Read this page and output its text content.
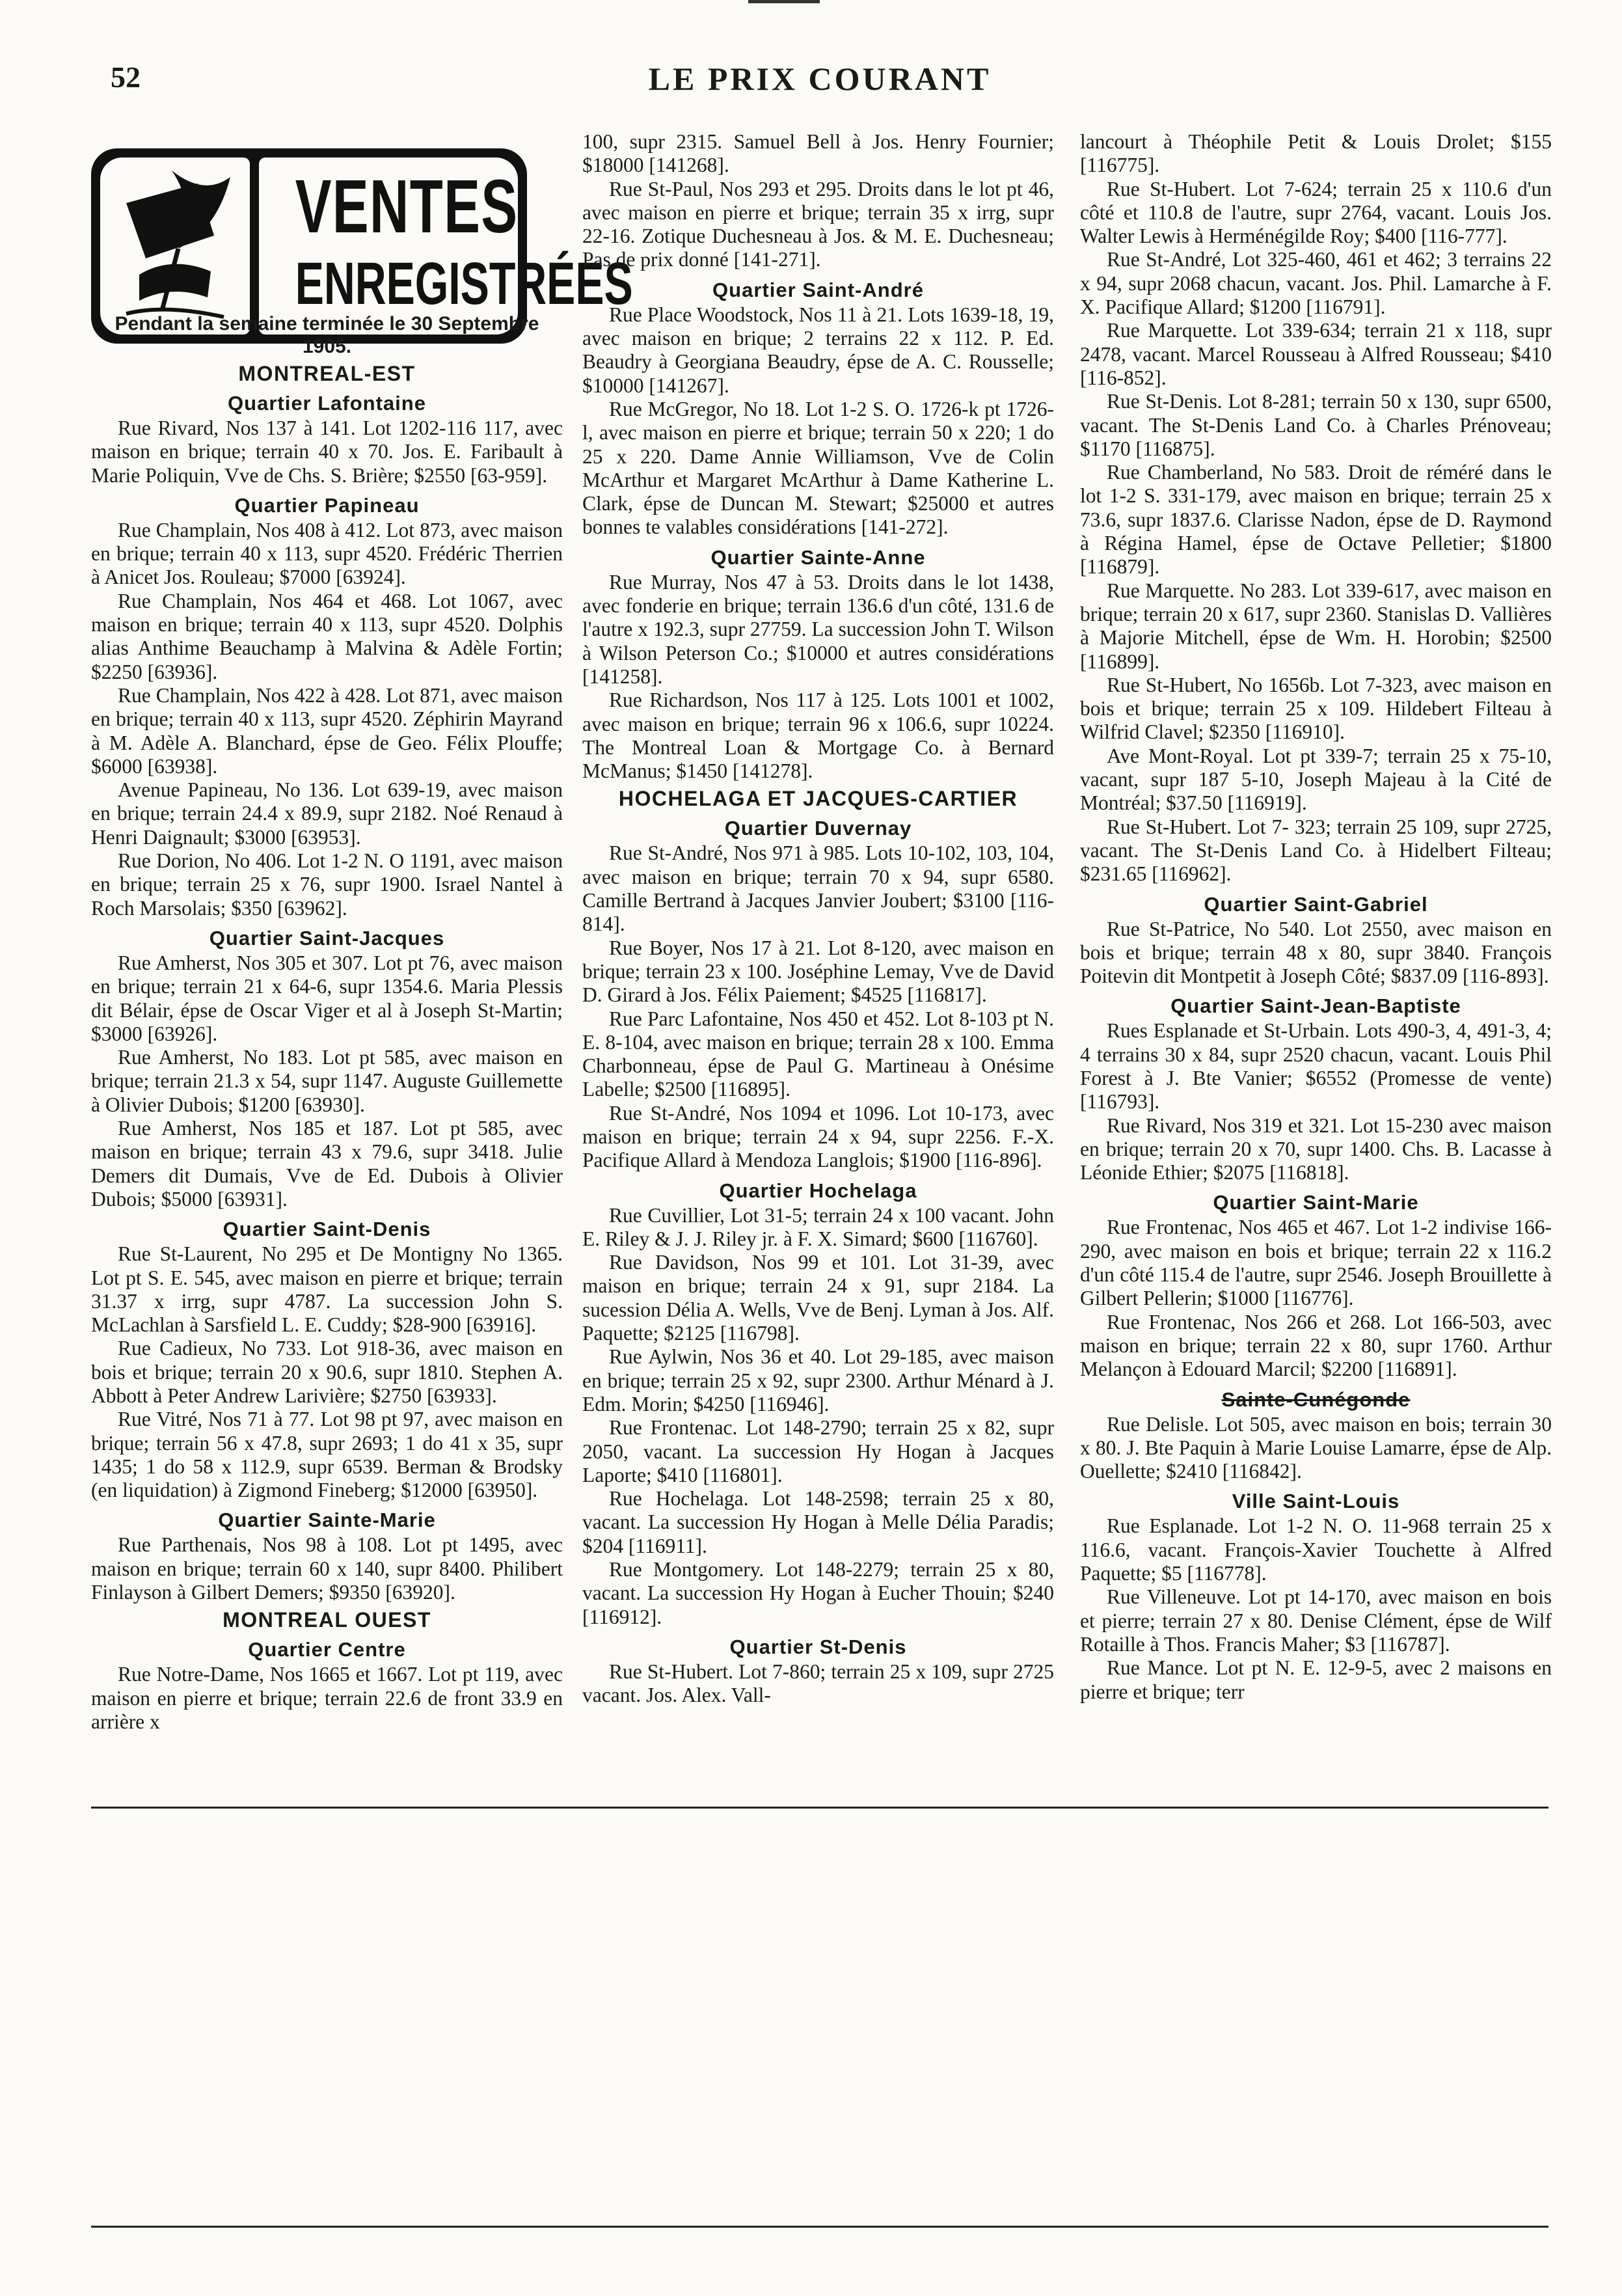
52	LE PRIX COURANT
VENTES
ENREGISTRÉES
Pendant la semaine terminée le 30 Septembre 1905.
MONTREAL-EST
Quartier Lafontaine

Rue Rivard, Nos 137 à 141. Lot 1202-116 117, avec maison en brique; terrain 40 x 70. Jos. E. Faribault à Marie Poliquin, Vve de Chs. S. Brière; $2550 [63-959].

Quartier Papineau

Rue Champlain, Nos 408 à 412. Lot 873, avec maison en brique; terrain 40 x 113, supr 4520. Frédéric Therrien à Anicet Jos. Rouleau; $7000 [63924].

Rue Champlain, Nos 464 et 468. Lot 1067, avec maison en brique; terrain 40 x 113, supr 4520. Dolphis alias Anthime Beauchamp à Malvina & Adèle Fortin; $2250 [63936].

Rue Champlain, Nos 422 à 428. Lot 871, avec maison en brique; terrain 40 x 113, supr 4520. Zéphirin Mayrand à M. Adèle A. Blanchard, épse de Geo. Félix Plouffe; $6000 [63938].

Avenue Papineau, No 136. Lot 639-19, avec maison en brique; terrain 24.4 x 89.9, supr 2182. Noé Renaud à Henri Daignault; $3000 [63953].

Rue Dorion, No 406. Lot 1-2 N. O 1191, avec maison en brique; terrain 25 x 76, supr 1900. Israel Nantel à Roch Marsolais; $350 [63962].

Quartier Saint-Jacques

Rue Amherst, Nos 305 et 307. Lot pt 76, avec maison en brique; terrain 21 x 64-6, supr 1354.6. Maria Plessis dit Bélair, épse de Oscar Viger et al à Joseph St-Martin; $3000 [63926].

Rue Amherst, No 183. Lot pt 585, avec maison en brique; terrain 21.3 x 54, supr 1147. Auguste Guillemette à Olivier Dubois; $1200 [63930].

Rue Amherst, Nos 185 et 187. Lot pt 585, avec maison en brique; terrain 43 x 79.6, supr 3418. Julie Demers dit Dumais, Vve de Ed. Dubois à Olivier Dubois; $5000 [63931].

Quartier Saint-Denis

Rue St-Laurent, No 295 et De Montigny No 1365. Lot pt S. E. 545, avec maison en pierre et brique; terrain 31.37 x irrg, supr 4787. La succession John S. McLachlan à Sarsfield L. E. Cuddy; $28-900 [63916].

Rue Cadieux, No 733. Lot 918-36, avec maison en bois et brique; terrain 20 x 90.6, supr 1810. Stephen A. Abbott à Peter Andrew Larivière; $2750 [63933].

Rue Vitré, Nos 71 à 77. Lot 98 pt 97, avec maison en brique; terrain 56 x 47.8, supr 2693; 1 do 41 x 35, supr 1435; 1 do 58 x 112.9, supr 6539. Berman & Brodsky (en liquidation) à Zigmond Fineberg; $12000 [63950].

Quartier Sainte-Marie

Rue Parthenais, Nos 98 à 108. Lot pt 1495, avec maison en brique; terrain 60 x 140, supr 8400. Philibert Finlayson à Gilbert Demers; $9350 [63920].

MONTREAL OUEST
Quartier Centre

Rue Notre-Dame, Nos 1665 et 1667. Lot pt 119, avec maison en pierre et brique; terrain 22.6 de front 33.9 en arrière x

100, supr 2315. Samuel Bell à Jos. Henry Fournier; $18000 [141268].

Rue St-Paul, Nos 293 et 295. Droits dans le lot pt 46, avec maison en pierre et brique; terrain 35 x irrg, supr 22-16. Zotique Duchesneau à Jos. & M. E. Duchesneau; Pas de prix donné [141-271].

Quartier Saint-André

Rue Place Woodstock, Nos 11 à 21. Lots 1639-18, 19, avec maison en brique; 2 terrains 22 x 112. P. Ed. Beaudry à Georgiana Beaudry, épse de A. C. Rousselle; $10000 [141267].

Rue McGregor, No 18. Lot 1-2 S. O. 1726-k pt 1726-l, avec maison en pierre et brique; terrain 50 x 220; 1 do 25 x 220. Dame Annie Williamson, Vve de Colin McArthur et Margaret McArthur à Dame Katherine L. Clark, épse de Duncan M. Stewart; $25000 et autres bonnes te valables considérations [141-272].

Quartier Sainte-Anne

Rue Murray, Nos 47 à 53. Droits dans le lot 1438, avec fonderie en brique; terrain 136.6 d'un côté, 131.6 de l'autre x 192.3, supr 27759. La succession John T. Wilson à Wilson Peterson Co.; $10000 et autres considérations [141258].

Rue Richardson, Nos 117 à 125. Lots 1001 et 1002, avec maison en brique; terrain 96 x 106.6, supr 10224. The Montreal Loan & Mortgage Co. à Bernard McManus; $1450 [141278].

HOCHELAGA ET JACQUES-CARTIER
Quartier Duvernay

Rue St-André, Nos 971 à 985. Lots 10-102, 103, 104, avec maison en brique; terrain 70 x 94, supr 6580. Camille Bertrand à Jacques Janvier Joubert; $3100 [116-814].

Rue Boyer, Nos 17 à 21. Lot 8-120, avec maison en brique; terrain 23 x 100. Joséphine Lemay, Vve de David D. Girard à Jos. Félix Paiement; $4525 [116817].

Rue Parc Lafontaine, Nos 450 et 452. Lot 8-103 pt N. E. 8-104, avec maison en brique; terrain 28 x 100. Emma Charbonneau, épse de Paul G. Martineau à Onésime Labelle; $2500 [116895].

Rue St-André, Nos 1094 et 1096. Lot 10-173, avec maison en brique; terrain 24 x 94, supr 2256. F.-X. Pacifique Allard à Mendoza Langlois; $1900 [116-896].

Quartier Hochelaga

Rue Cuvillier, Lot 31-5; terrain 24 x 100 vacant. John E. Riley & J. J. Riley jr. à F. X. Simard; $600 [116760].

Rue Davidson, Nos 99 et 101. Lot 31-39, avec maison en brique; terrain 24 x 91, supr 2184. La sucession Délia A. Wells, Vve de Benj. Lyman à Jos. Alf. Paquette; $2125 [116798].

Rue Aylwin, Nos 36 et 40. Lot 29-185, avec maison en brique; terrain 25 x 92, supr 2300. Arthur Ménard à J. Edm. Morin; $4250 [116946].

Rue Frontenac. Lot 148-2790; terrain 25 x 82, supr 2050, vacant. La succession Hy Hogan à Jacques Laporte; $410 [116801].

Rue Hochelaga. Lot 148-2598; terrain 25 x 80, vacant. La succession Hy Hogan à Melle Délia Paradis; $204 [116911].

Rue Montgomery. Lot 148-2279; terrain 25 x 80, vacant. La succession Hy Hogan à Eucher Thouin; $240 [116912].

Quartier St-Denis

Rue St-Hubert. Lot 7-860; terrain 25 x 109, supr 2725 vacant. Jos. Alex. Vall-

lancourt à Théophile Petit & Louis Drolet; $155 [116775].

Rue St-Hubert. Lot 7-624; terrain 25 x 110.6 d'un côté et 110.8 de l'autre, supr 2764, vacant. Louis Jos. Walter Lewis à Herménégilde Roy; $400 [116-777].

Rue St-André, Lot 325-460, 461 et 462; 3 terrains 22 x 94, supr 2068 chacun, vacant. Jos. Phil. Lamarche à F. X. Pacifique Allard; $1200 [116791].

Rue Marquette. Lot 339-634; terrain 21 x 118, supr 2478, vacant. Marcel Rousseau à Alfred Rousseau; $410 [116-852].

Rue St-Denis. Lot 8-281; terrain 50 x 130, supr 6500, vacant. The St-Denis Land Co. à Charles Prénoveau; $1170 [116875].

Rue Chamberland, No 583. Droit de réméré dans le lot 1-2 S. 331-179, avec maison en brique; terrain 25 x 73.6, supr 1837.6. Clarisse Nadon, épse de D. Raymond à Régina Hamel, épse de Octave Pelletier; $1800 [116879].

Rue Marquette. No 283. Lot 339-617, avec maison en brique; terrain 20 x 617, supr 2360. Stanislas D. Vallières à Majorie Mitchell, épse de Wm. H. Horobin; $2500 [116899].

Rue St-Hubert, No 1656b. Lot 7-323, avec maison en bois et brique; terrain 25 x 109. Hildebert Filteau à Wilfrid Clavel; $2350 [116910].

Ave Mont-Royal. Lot pt 339-7; terrain 25 x 75-10, vacant, supr 187 5-10, Joseph Majeau à la Cité de Montréal; $37.50 [116919].

Rue St-Hubert. Lot 7- 323; terrain 25 109, supr 2725, vacant. The St-Denis Land Co. à Hidelbert Filteau; $231.65 [116962].

Quartier Saint-Gabriel

Rue St-Patrice, No 540. Lot 2550, avec maison en bois et brique; terrain 48 x 80, supr 3840. François Poitevin dit Montpetit à Joseph Côté; $837.09 [116-893].

Quartier Saint-Jean-Baptiste

Rues Esplanade et St-Urbain. Lots 490-3, 4, 491-3, 4; 4 terrains 30 x 84, supr 2520 chacun, vacant. Louis Phil Forest à J. Bte Vanier; $6552 (Promesse de vente) [116793].

Rue Rivard, Nos 319 et 321. Lot 15-230 avec maison en brique; terrain 20 x 70, supr 1400. Chs. B. Lacasse à Léonide Ethier; $2075 [116818].

Quartier Saint-Marie

Rue Frontenac, Nos 465 et 467. Lot 1-2 indivise 166-290, avec maison en bois et brique; terrain 22 x 116.2 d'un côté 115.4 de l'autre, supr 2546. Joseph Brouillette à Gilbert Pellerin; $1000 [116776].

Rue Frontenac, Nos 266 et 268. Lot 166-503, avec maison en brique; terrain 22 x 80, supr 1760. Arthur Melançon à Edouard Marcil; $2200 [116891].

Sainte-Cunégonde

Rue Delisle. Lot 505, avec maison en bois; terrain 30 x 80. J. Bte Paquin à Marie Louise Lamarre, épse de Alp. Ouellette; $2410 [116842].

Ville Saint-Louis

Rue Esplanade. Lot 1-2 N. O. 11-968 terrain 25 x 116.6, vacant. François-Xavier Touchette à Alfred Paquette; $5 [116778].

Rue Villeneuve. Lot pt 14-170, avec maison en bois et pierre; terrain 27 x 80. Denise Clément, épse de Wilf Rotaille à Thos. Francis Maher; $3 [116787].

Rue Mance. Lot pt N. E. 12-9-5, avec 2 maisons en pierre et brique; terr
